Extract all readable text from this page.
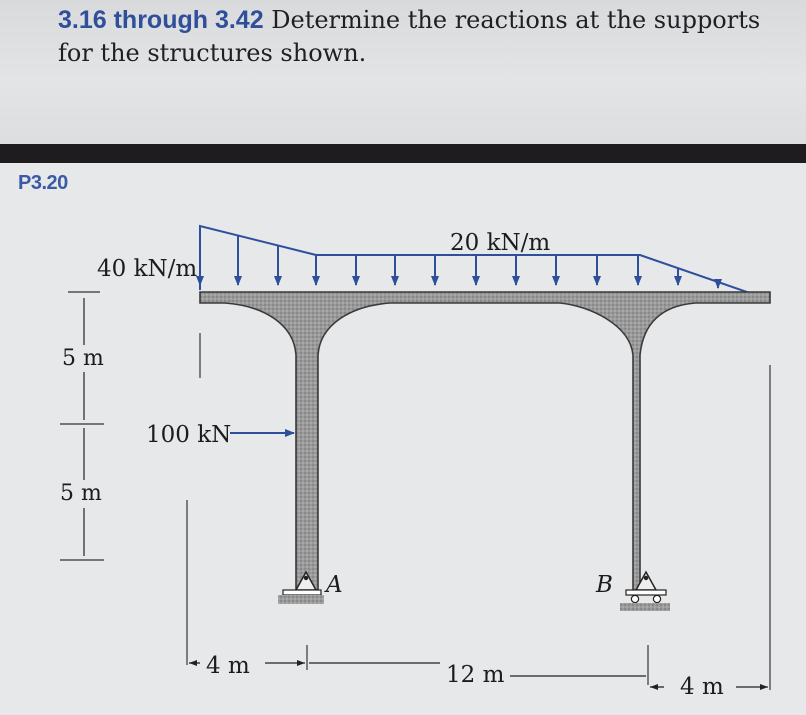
3.16 through 3.42 Determine the reactions at the supports for the structures shown.
40 kN/m
20 kN/m
100 kN
5 m
5 m
A	B
4 m	12 m	4 m
P3.20
